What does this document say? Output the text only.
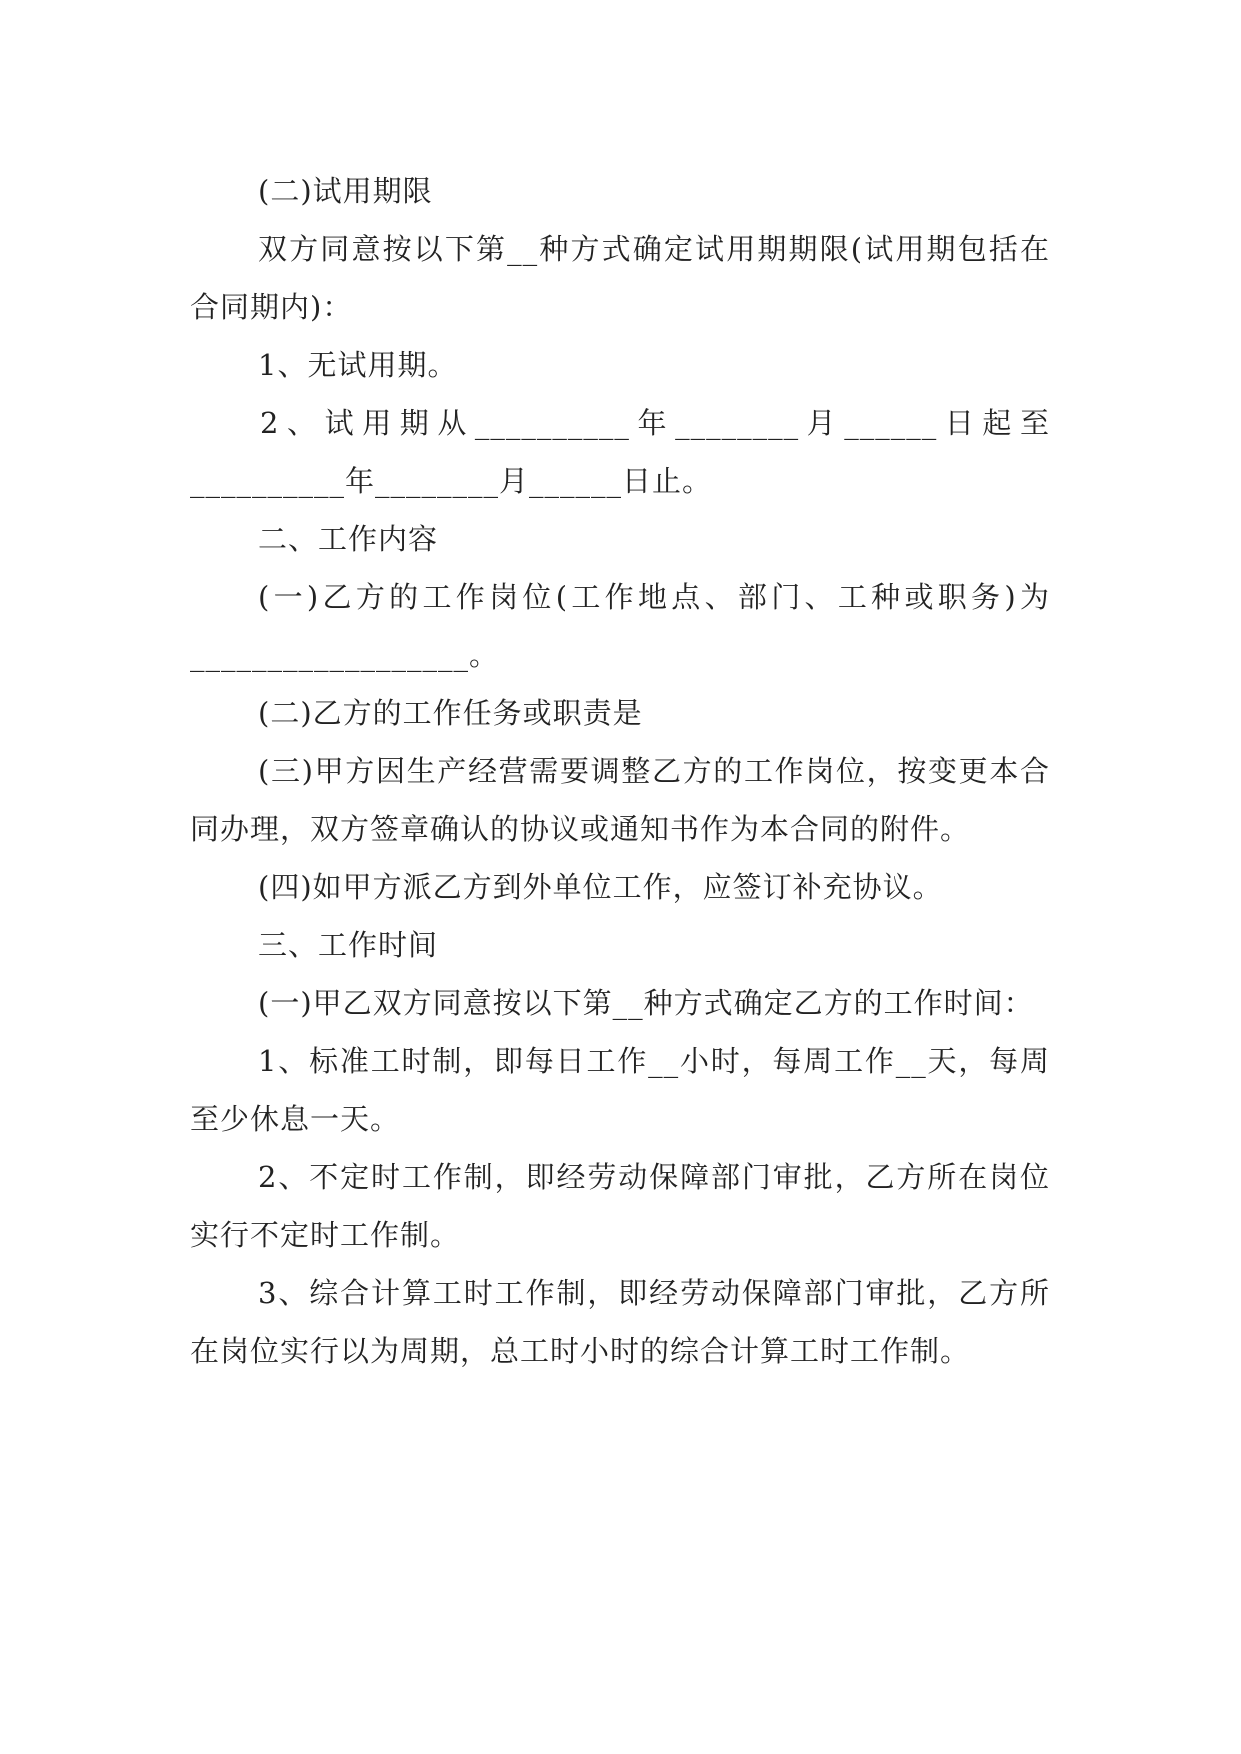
(二)试用期限

双方同意按以下第__种方式确定试用期期限(试用期包括在合同期内)：

1、无试用期。

2、试用期从__________年________月______日起至__________年________月______日止。

二、工作内容

(一)乙方的工作岗位(工作地点、部门、工种或职务)为__________________。

(二)乙方的工作任务或职责是

(三)甲方因生产经营需要调整乙方的工作岗位，按变更本合同办理，双方签章确认的协议或通知书作为本合同的附件。

(四)如甲方派乙方到外单位工作，应签订补充协议。

三、工作时间

(一)甲乙双方同意按以下第__种方式确定乙方的工作时间：

1、标准工时制，即每日工作__小时，每周工作__天，每周至少休息一天。

2、不定时工作制，即经劳动保障部门审批，乙方所在岗位实行不定时工作制。

3、综合计算工时工作制，即经劳动保障部门审批，乙方所在岗位实行以为周期，总工时小时的综合计算工时工作制。
